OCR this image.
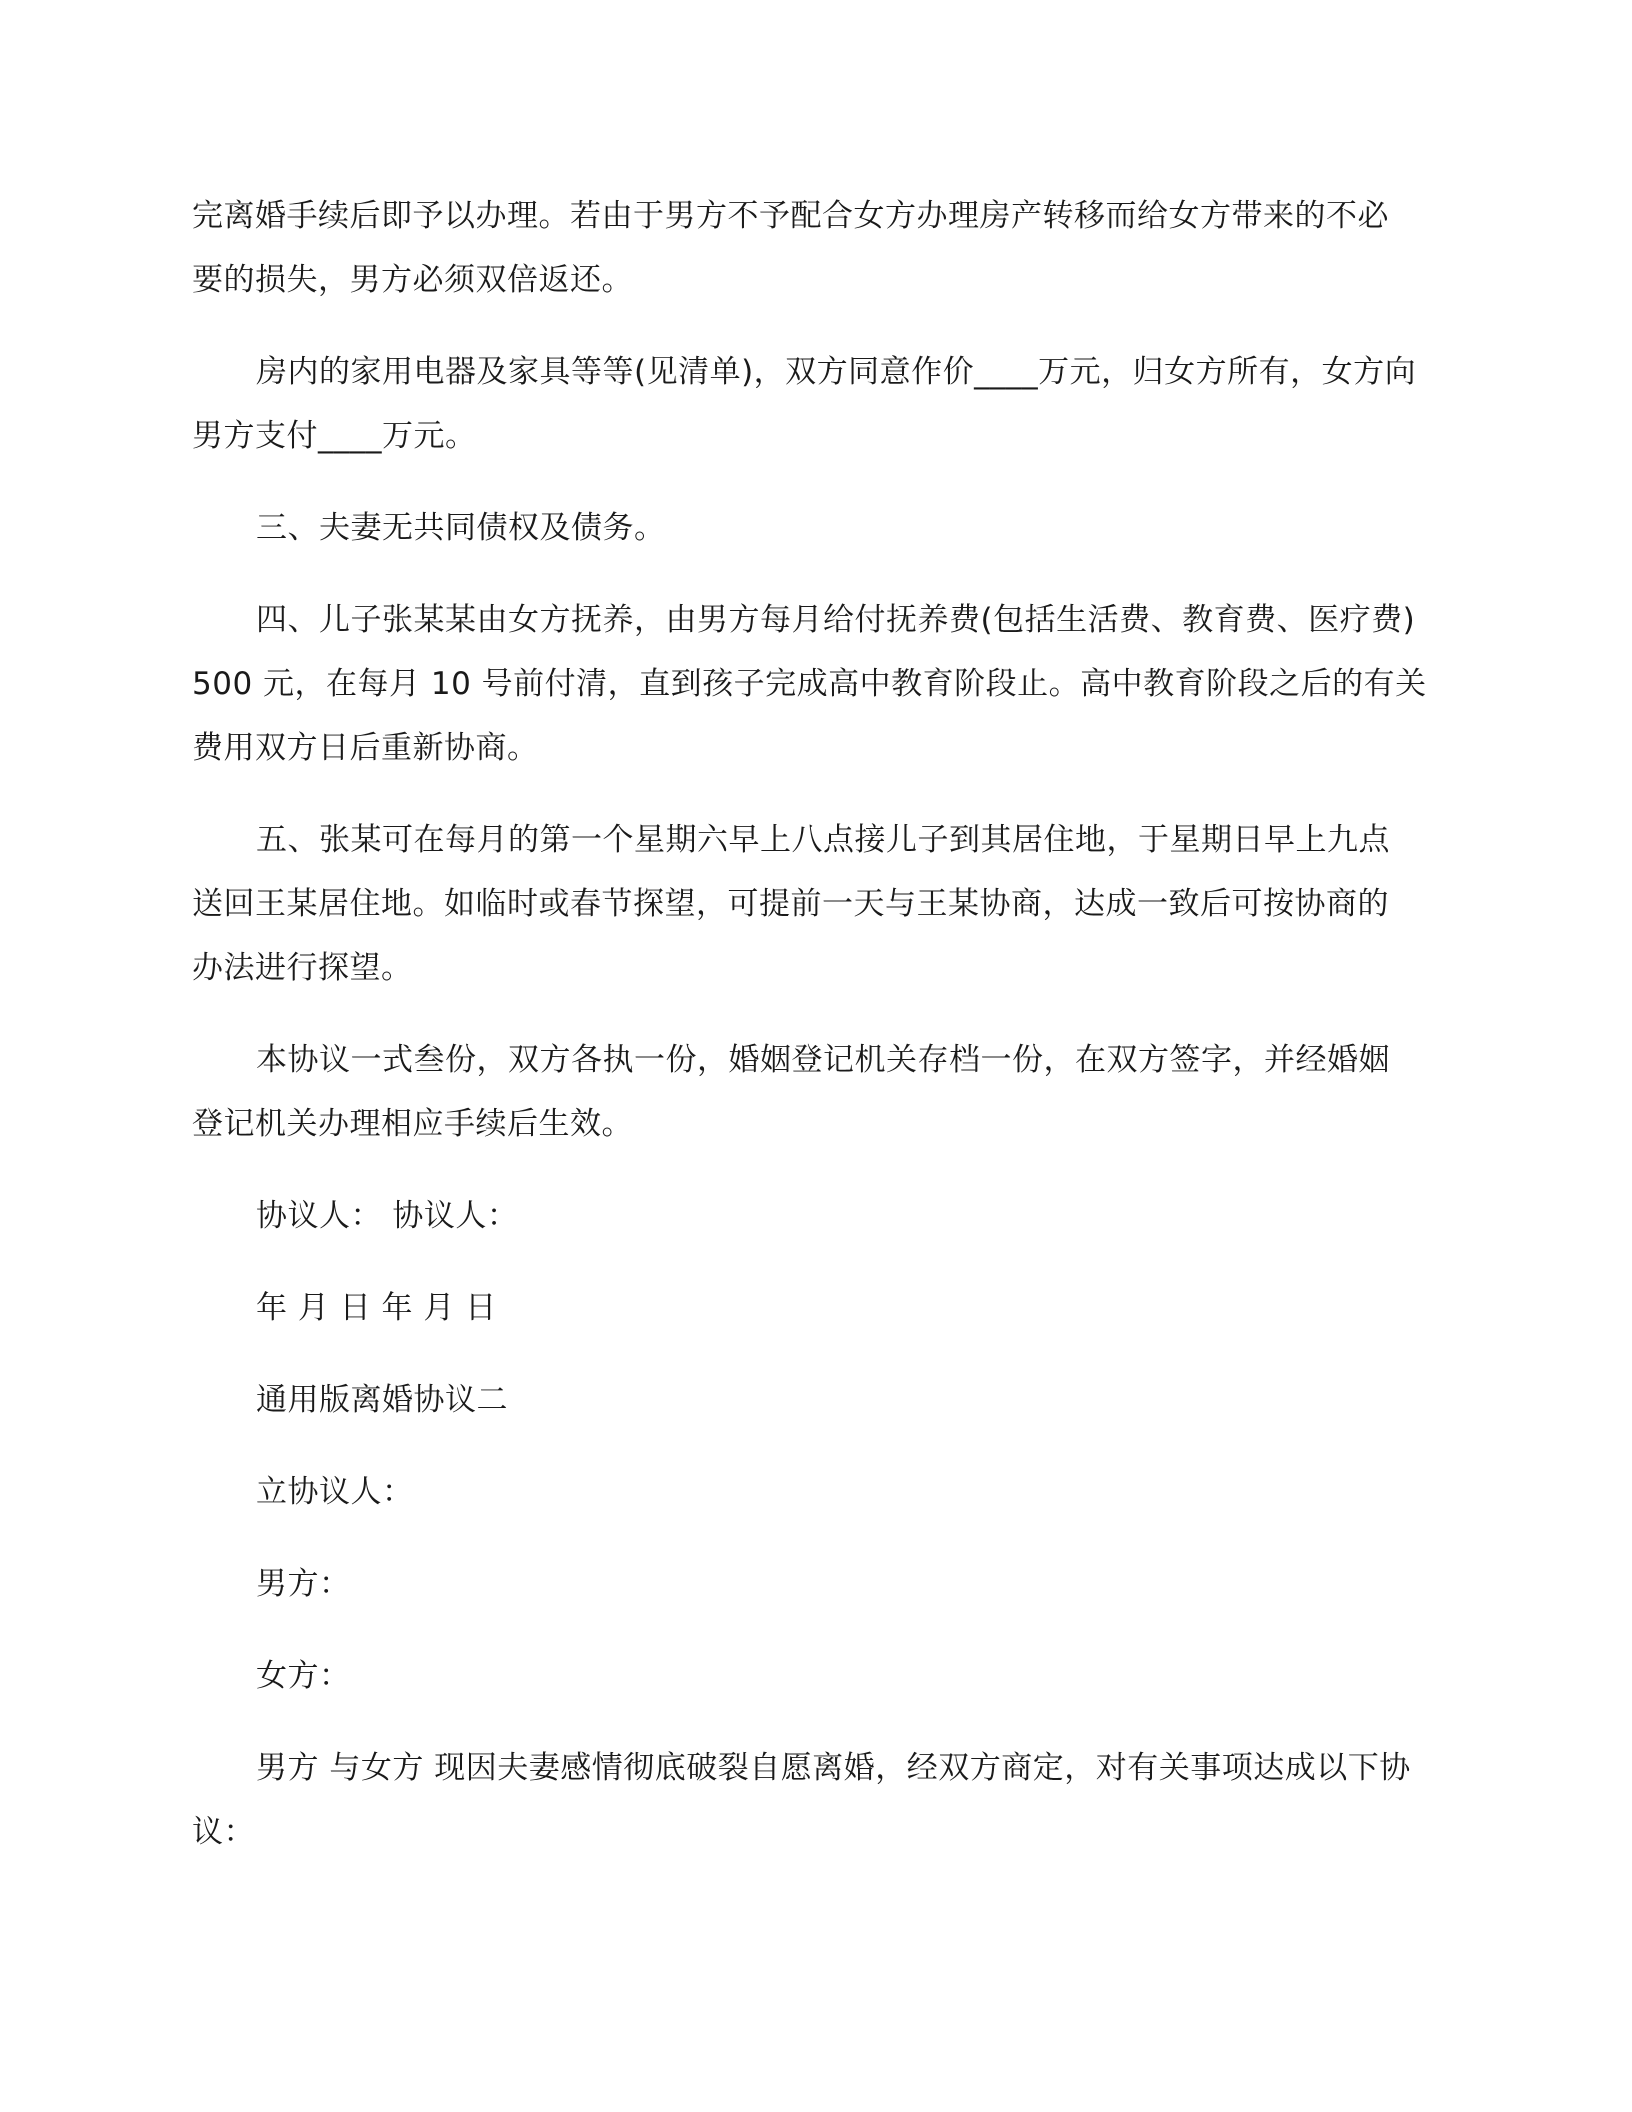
完离婚手续后即予以办理。若由于男方不予配合女方办理房产转移而给女方带来的不必

要的损失，男方必须双倍返还。

房内的家用电器及家具等等(见清单)，双方同意作价____万元，归女方所有，女方向

男方支付____万元。

三、夫妻无共同债权及债务。

四、儿子张某某由女方抚养，由男方每月给付抚养费(包括生活费、教育费、医疗费)

500 元，在每月 10 号前付清，直到孩子完成高中教育阶段止。高中教育阶段之后的有关

费用双方日后重新协商。

五、张某可在每月的第一个星期六早上八点接儿子到其居住地，于星期日早上九点

送回王某居住地。如临时或春节探望，可提前一天与王某协商，达成一致后可按协商的

办法进行探望。

本协议一式叁份，双方各执一份，婚姻登记机关存档一份，在双方签字，并经婚姻

登记机关办理相应手续后生效。

协议人： 协议人：

年 月 日 年 月 日

通用版离婚协议二

立协议人：

男方：

女方：

男方 与女方 现因夫妻感情彻底破裂自愿离婚，经双方商定，对有关事项达成以下协

议：
